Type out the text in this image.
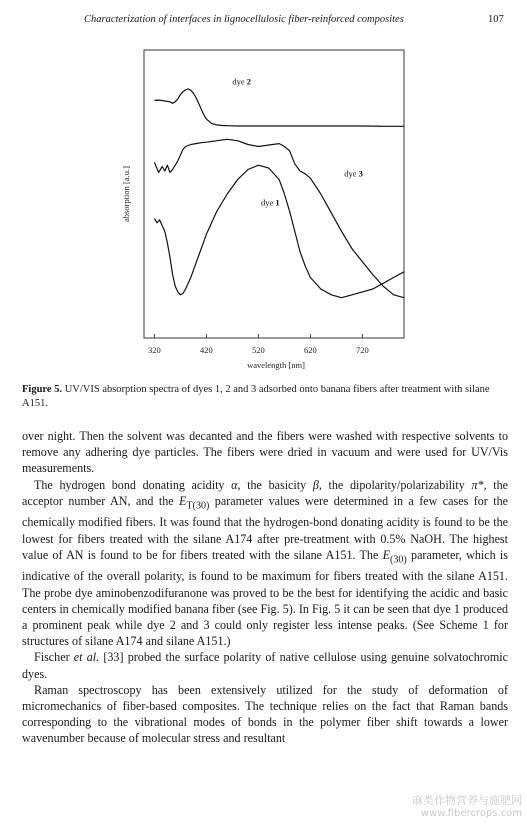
Characterization of interfaces in lignocellulosic fiber-reinforced composites	107
320	420	520	620	720
dye 2
dye 3
dye 1
absorption [a.u.]
wavelength [nm]
Figure 5. UV/VIS absorption spectra of dyes 1, 2 and 3 adsorbed onto banana fibers after treatment with silane A151.

over night. Then the solvent was decanted and the fibers were washed with respective solvents to remove any adhering dye particles. The fibers were dried in vacuum and were used for UV/Vis measurements.

The hydrogen bond donating acidity α, the basicity β, the dipolarity/polarizability π*, the acceptor number AN, and the $E_{T(30)}$ parameter values were determined in a few cases for the chemically modified fibers. It was found that the hydrogen-bond donating acidity is found to be the lowest for fibers treated with the silane A174 after pre-treatment with 0.5% NaOH. The highest value of AN is found to be for fibers treated with the silane A151. The $E_{(30)}$ parameter, which is indicative of the overall polarity, is found to be maximum for fibers treated with the silane A151. The probe dye aminobenzodifuranone was proved to be the best for identifying the acidic and basic centers in chemically modified banana fiber (see Fig. 5). In Fig. 5 it can be seen that dye 1 produced a prominent peak while dye 2 and 3 could only register less intense peaks. (See Scheme 1 for structures of silane A174 and silane A151.)

Fischer et al. [33] probed the surface polarity of native cellulose using genuine solvatochromic dyes.

Raman spectroscopy has been extensively utilized for the study of deformation of micromechanics of fiber-based composites. The technique relies on the fact that Raman bands corresponding to the vibrational modes of bonds in the polymer fiber shift towards a lower wavenumber because of molecular stress and resultant

麻类作物营养与施肥网
www.fibercrops.com
